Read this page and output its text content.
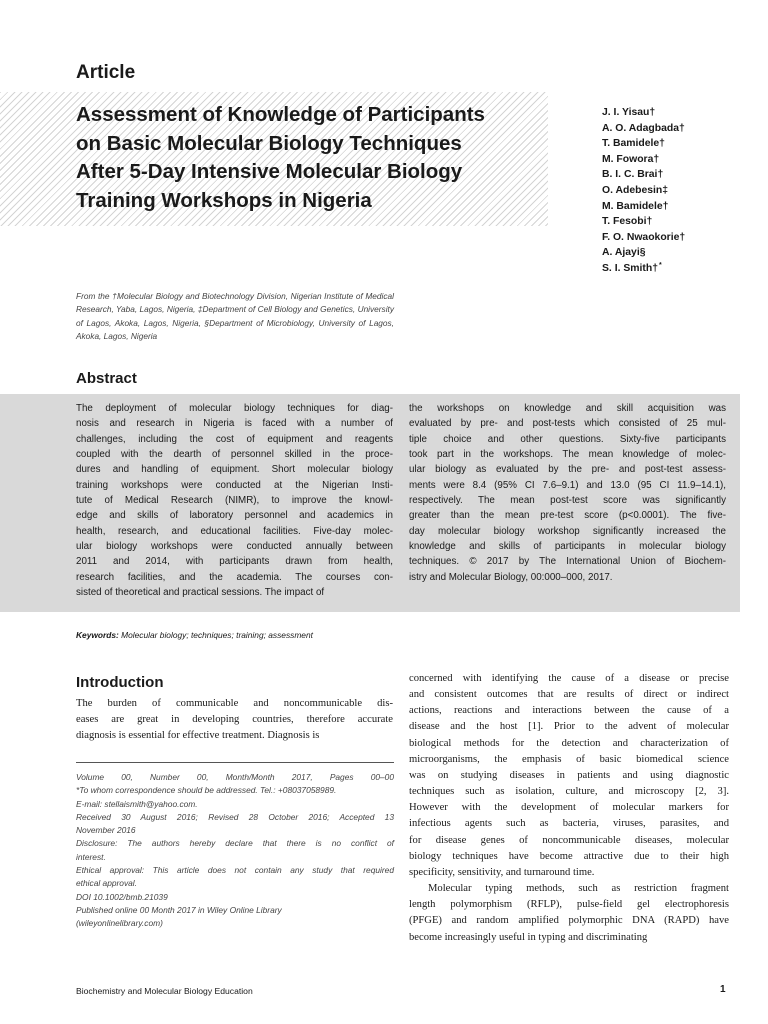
Article
Assessment of Knowledge of Participants
on Basic Molecular Biology Techniques
After 5-Day Intensive Molecular Biology
Training Workshops in Nigeria
J. I. Yisau†
A. O. Adagbada†
T. Bamidele†
M. Fowora†
B. I. C. Brai†
O. Adebesin‡
M. Bamidele†
T. Fesobi†
F. O. Nwaokorie†
A. Ajayi§
S. I. Smith†*

From the †Molecular Biology and Biotechnology Division, Nigerian Institute of Medical Research, Yaba, Lagos, Nigeria, ‡Department of Cell Biology and Genetics, University of Lagos, Akoka, Lagos, Nigeria, §Department of Microbiology, University of Lagos, Akoka, Lagos, Nigeria

Abstract
The deployment of molecular biology techniques for diag-
nosis and research in Nigeria is faced with a number of
challenges, including the cost of equipment and reagents
coupled with the dearth of personnel skilled in the proce-
dures and handling of equipment. Short molecular biology
training workshops were conducted at the Nigerian Insti-
tute of Medical Research (NIMR), to improve the knowl-
edge and skills of laboratory personnel and academics in
health, research, and educational facilities. Five-day molec-
ular biology workshops were conducted annually between
2011 and 2014, with participants drawn from health,
research facilities, and the academia. The courses con-
sisted of theoretical and practical sessions. The impact of
the workshops on knowledge and skill acquisition was
evaluated by pre- and post-tests which consisted of 25 mul-
tiple choice and other questions. Sixty-five participants
took part in the workshops. The mean knowledge of molec-
ular biology as evaluated by the pre- and post-test assess-
ments were 8.4 (95% CI 7.6–9.1) and 13.0 (95 CI 11.9–14.1),
respectively. The mean post-test score was significantly
greater than the mean pre-test score (p<0.0001). The five-
day molecular biology workshop significantly increased the
knowledge and skills of participants in molecular biology
techniques. © 2017 by The International Union of Biochem-
istry and Molecular Biology, 00:000–000, 2017.

Keywords: Molecular biology; techniques; training; assessment

Introduction
The burden of communicable and noncommunicable dis-
eases are great in developing countries, therefore accurate
diagnosis is essential for effective treatment. Diagnosis is
concerned with identifying the cause of a disease or precise
and consistent outcomes that are results of direct or indirect
actions, reactions and interactions between the cause of a
disease and the host [1]. Prior to the advent of molecular
biological methods for the detection and characterization of
microorganisms, the emphasis of basic biomedical science
was on studying diseases in patients and using diagnostic
techniques such as isolation, culture, and microscopy [2, 3].
However with the development of molecular markers for
infectious agents such as bacteria, viruses, parasites, and
for disease genes of noncommunicable diseases, molecular
biology techniques have become attractive due to their high
specificity, sensitivity, and turnaround time.
Molecular typing methods, such as restriction fragment
length polymorphism (RFLP), pulse-field gel electrophoresis
(PFGE) and random amplified polymorphic DNA (RAPD) have
become increasingly useful in typing and discriminating
Volume 00, Number 00, Month/Month 2017, Pages 00–00
*To whom correspondence should be addressed. Tel.: +08037058989.
E-mail: stellaismith@yahoo.com.
Received 30 August 2016; Revised 28 October 2016; Accepted 13
November 2016
Disclosure: The authors hereby declare that there is no conflict of
interest.
Ethical approval: This article does not contain any study that required
ethical approval.
DOI 10.1002/bmb.21039
Published online 00 Month 2017 in Wiley Online Library
(wileyonlinelibrary.com)
Biochemistry and Molecular Biology Education	1
